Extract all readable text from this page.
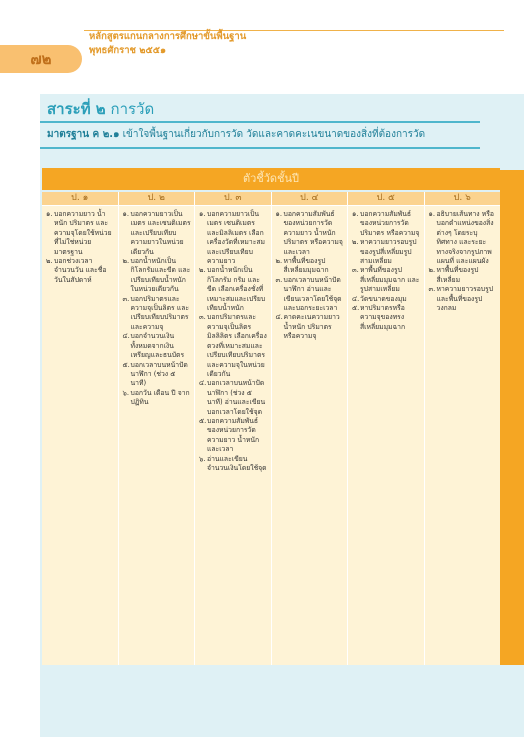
หลักสูตรแกนกลางการศึกษาขั้นพื้นฐาน
พุทธศักราช ๒๕๕๑
๗๒
สาระที่ ๒ การวัด
มาตรฐาน ค ๒.๑ เข้าใจพื้นฐานเกี่ยวกับการวัด วัดและคาดคะเนขนาดของสิ่งที่ต้องการวัด
ตัวชี้วัดชั้นปี
ป. ๑
๑. บอกความยาว น้ำหนัก ปริมาตร และความจุโดยใช้หน่วยที่ไม่ใช่หน่วยมาตรฐาน
๒. บอกช่วงเวลา จำนวนวัน และชื่อวันในสัปดาห์
ป. ๒
๑. บอกความยาวเป็นเมตร และเซนติเมตร และเปรียบเทียบความยาวในหน่วยเดียวกัน
๒. บอกน้ำหนักเป็นกิโลกรัมและขีด และเปรียบเทียบน้ำหนักในหน่วยเดียวกัน
๓. บอกปริมาตรและความจุเป็นลิตร และเปรียบเทียบปริมาตรและความจุ
๔. บอกจำนวนเงินทั้งหมดจากเงินเหรียญและธนบัตร
๕. บอกเวลาบนหน้าปัดนาฬิกา (ช่วง ๕ นาที)
๖. บอกวัน เดือน ปี จากปฏิทิน
ป. ๓
๑. บอกความยาวเป็นเมตร เซนติเมตร และมิลลิเมตร เลือกเครื่องวัดที่เหมาะสมและเปรียบเทียบความยาว
๒. บอกน้ำหนักเป็นกิโลกรัม กรัม และขีด เลือกเครื่องชั่งที่เหมาะสมและเปรียบเทียบน้ำหนัก
๓. บอกปริมาตรและความจุเป็นลิตร มิลลิลิตร เลือกเครื่องตวงที่เหมาะสมและเปรียบเทียบปริมาตรและความจุในหน่วยเดียวกัน
๔. บอกเวลาบนหน้าปัดนาฬิกา (ช่วง ๕ นาที) อ่านและเขียนบอกเวลาโดยใช้จุด
๕. บอกความสัมพันธ์ของหน่วยการวัดความยาว น้ำหนักและเวลา
๖. อ่านและเขียนจำนวนเงินโดยใช้จุด
ป. ๔
๑. บอกความสัมพันธ์ของหน่วยการวัดความยาว น้ำหนัก ปริมาตร หรือความจุ และเวลา
๒. หาพื้นที่ของรูปสี่เหลี่ยมมุมฉาก
๓. บอกเวลาบนหน้าปัดนาฬิกา อ่านและเขียนเวลาโดยใช้จุดและบอกระยะเวลา
๔. คาดคะเนความยาว น้ำหนัก ปริมาตร หรือความจุ
ป. ๕
๑. บอกความสัมพันธ์ของหน่วยการวัดปริมาตร หรือความจุ
๒. หาความยาวรอบรูปของรูปสี่เหลี่ยมรูปสามเหลี่ยม
๓. หาพื้นที่ของรูปสี่เหลี่ยมมุมฉาก และรูปสามเหลี่ยม
๔. วัดขนาดของมุม
๕. หาปริมาตรหรือความจุของทรงสี่เหลี่ยมมุมฉาก
ป. ๖
๑. อธิบายเส้นทาง หรือบอกตำแหน่งของสิ่งต่างๆ โดยระบุทิศทาง และระยะทางจริงจากรูปภาพ แผนที่ และแผนผัง
๒. หาพื้นที่ของรูปสี่เหลี่ยม
๓. หาความยาวรอบรูป และพื้นที่ของรูปวงกลม
